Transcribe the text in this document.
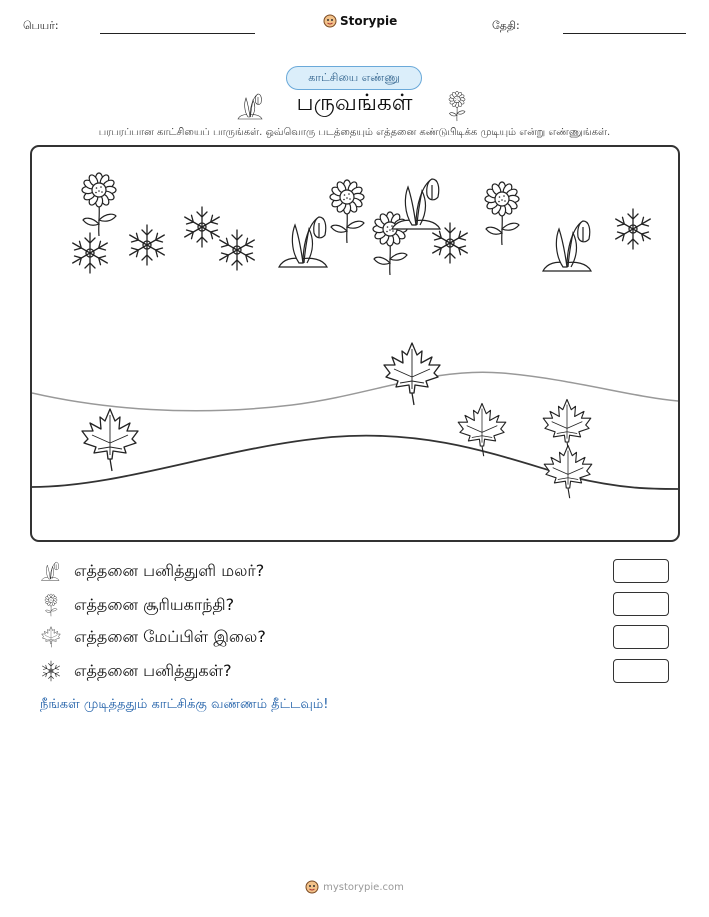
பெயர்:	Storypie	தேதி:
காட்சியை எண்ணு
பருவங்கள்
பரபரப்பான காட்சியைப் பாருங்கள். ஒவ்வொரு படத்தையும் எத்தனை கண்டுபிடிக்க முடியும் என்று எண்ணுங்கள்.
எத்தனை பனித்துளி மலர்?
எத்தனை சூரியகாந்தி?
எத்தனை மேப்பிள் இலை?
எத்தனை பனித்துகள்?
நீங்கள் முடித்ததும் காட்சிக்கு வண்ணம் தீட்டவும்!
mystorypie.com
